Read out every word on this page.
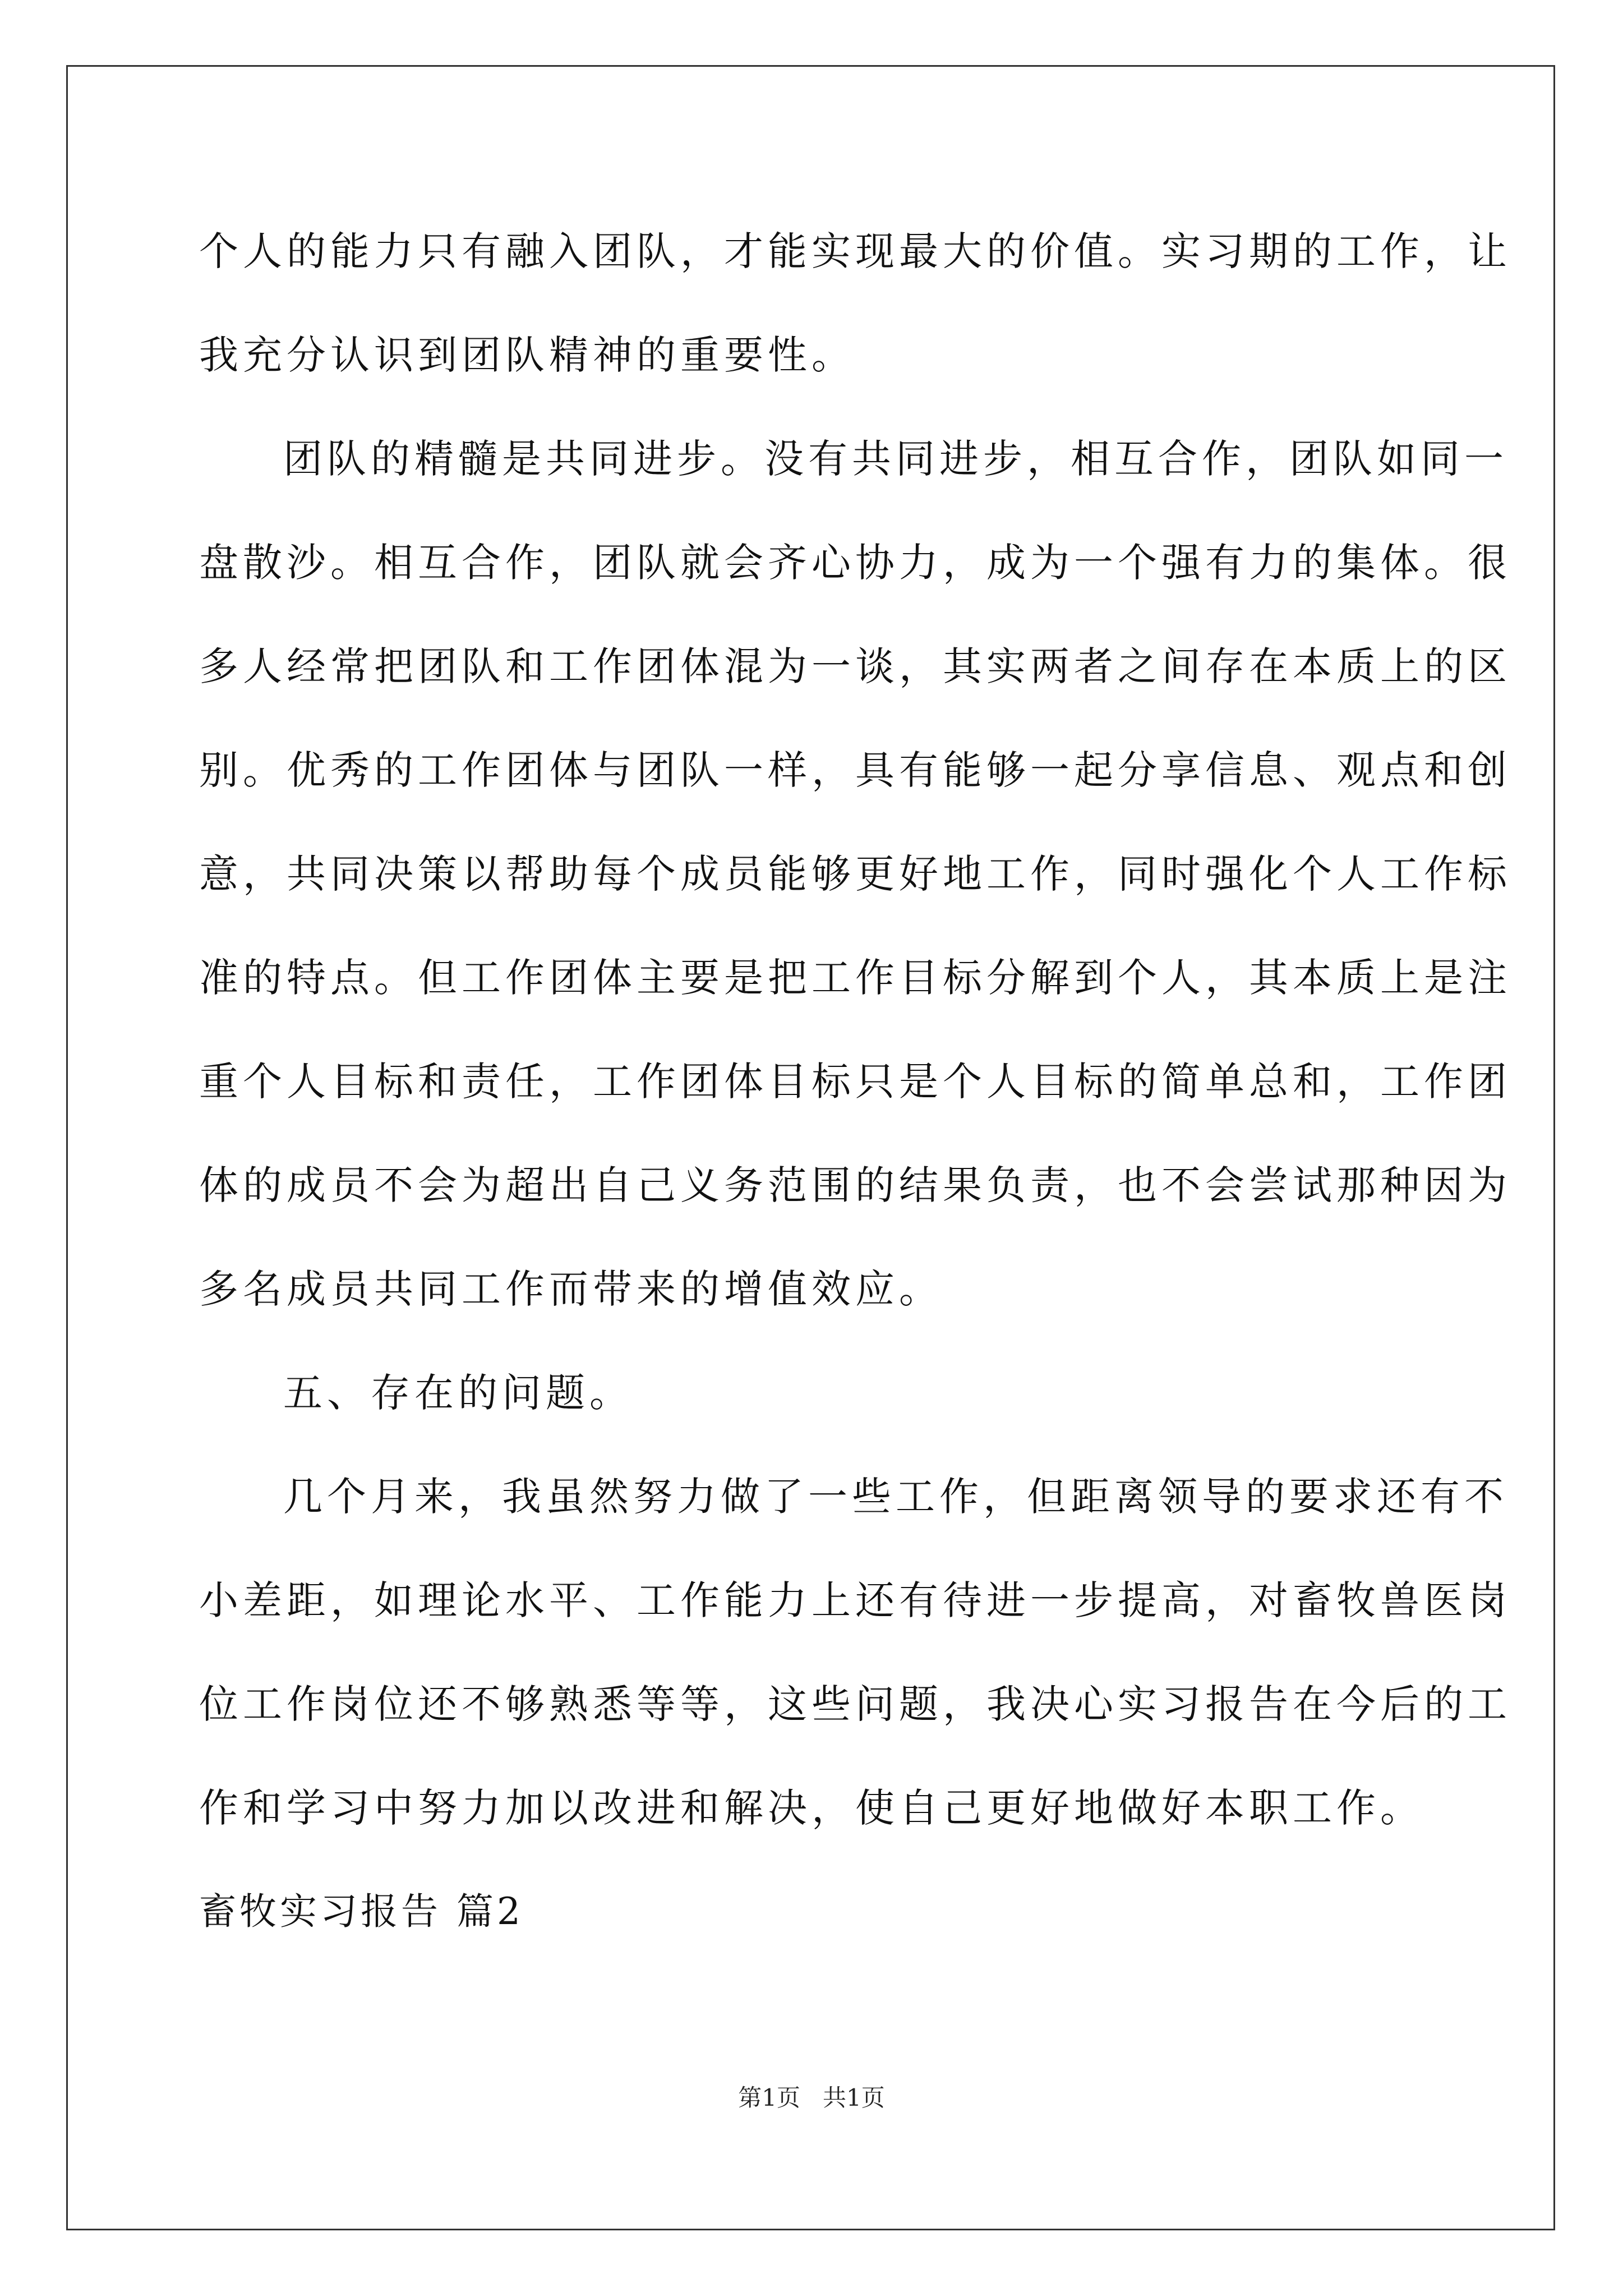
个人的能力只有融入团队，才能实现最大的价值。实习期的工作，让

我充分认识到团队精神的重要性。

团队的精髓是共同进步。没有共同进步，相互合作，团队如同一

盘散沙。相互合作，团队就会齐心协力，成为一个强有力的集体。很

多人经常把团队和工作团体混为一谈，其实两者之间存在本质上的区

别。优秀的工作团体与团队一样，具有能够一起分享信息、观点和创

意，共同决策以帮助每个成员能够更好地工作，同时强化个人工作标

准的特点。但工作团体主要是把工作目标分解到个人，其本质上是注

重个人目标和责任，工作团体目标只是个人目标的简单总和，工作团

体的成员不会为超出自己义务范围的结果负责，也不会尝试那种因为

多名成员共同工作而带来的增值效应。

五、存在的问题。

几个月来，我虽然努力做了一些工作，但距离领导的要求还有不

小差距，如理论水平、工作能力上还有待进一步提高，对畜牧兽医岗

位工作岗位还不够熟悉等等，这些问题，我决心实习报告在今后的工

作和学习中努力加以改进和解决，使自己更好地做好本职工作。

畜牧实习报告 篇2

第1页   共1页
